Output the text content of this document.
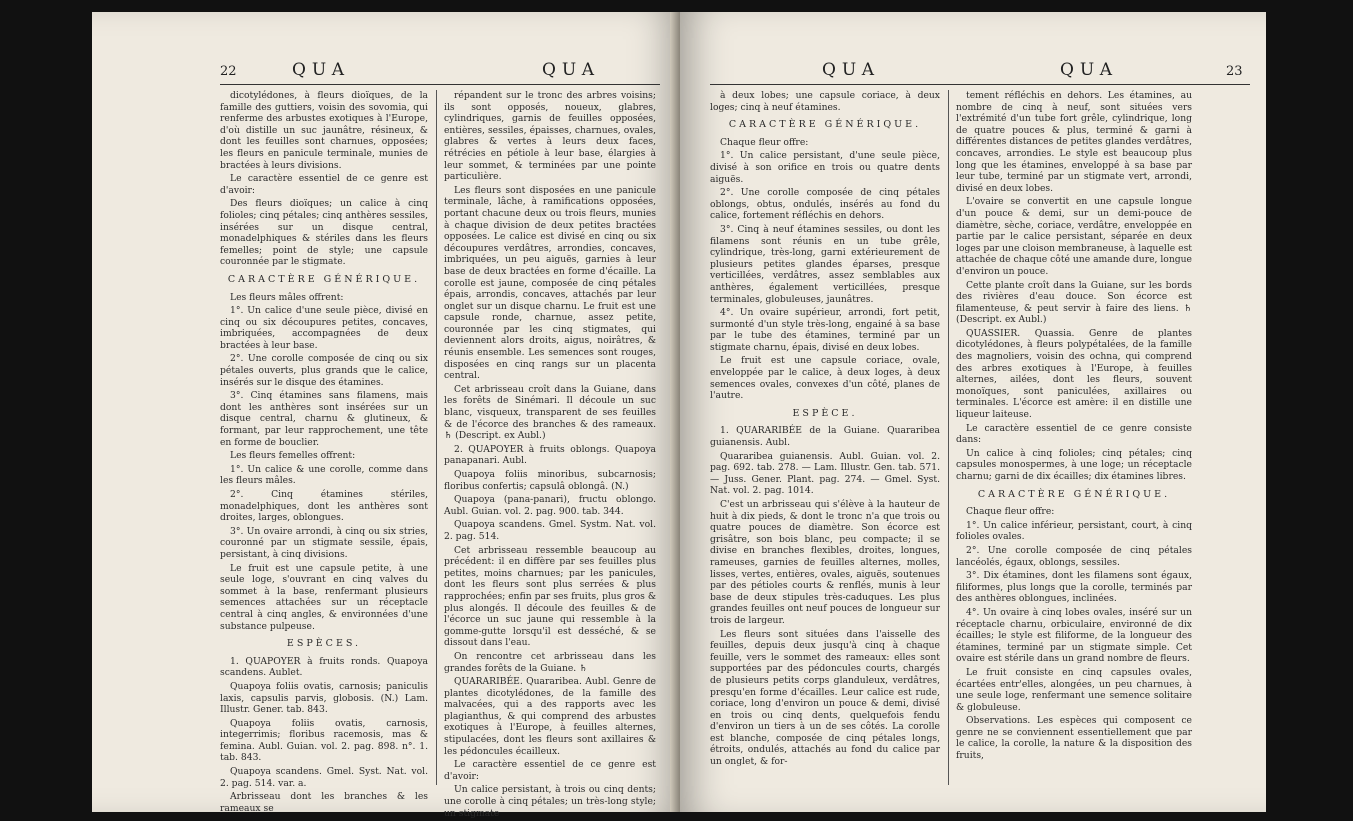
22	QUA	QUA

dicotylédones, à fleurs dioïques, de la famille des guttiers, voisin des sovomia, qui renferme des arbustes exotiques à l'Europe, d'où distille un suc jaunâtre, résineux, & dont les feuilles sont charnues, opposées; les fleurs en panicule terminale, munies de bractées à leurs divisions.

Le caractère essentiel de ce genre est d'avoir:

Des fleurs dioïques; un calice à cinq folioles; cinq pétales; cinq anthères sessiles, insérées sur un disque central, monadelphiques & stériles dans les fleurs femelles; point de style; une capsule couronnée par le stigmate.

CARACTÈRE GÉNÉRIQUE.

Les fleurs mâles offrent:

1°. Un calice d'une seule pièce, divisé en cinq ou six découpures petites, concaves, imbriquées, accompagnées de deux bractées à leur base.

2°. Une corolle composée de cinq ou six pétales ouverts, plus grands que le calice, insérés sur le disque des étamines.

3°. Cinq étamines sans filamens, mais dont les anthères sont insérées sur un disque central, charnu & glutineux, & formant, par leur rapprochement, une tête en forme de bouclier.

Les fleurs femelles offrent:

1°. Un calice & une corolle, comme dans les fleurs mâles.

2°. Cinq étamines stériles, monadelphiques, dont les anthères sont droites, larges, oblongues.

3°. Un ovaire arrondi, à cinq ou six stries, couronné par un stigmate sessile, épais, persistant, à cinq divisions.

Le fruit est une capsule petite, à une seule loge, s'ouvrant en cinq valves du sommet à la base, renfermant plusieurs semences attachées sur un réceptacle central à cinq angles, & environnées d'une substance pulpeuse.

ESPÈCES.

1. QUAPOYER à fruits ronds. Quapoya scandens. Aublet.

Quapoya foliis ovatis, carnosis; paniculis laxis, capsulis parvis, globosis. (N.) Lam. Illustr. Gener. tab. 843.

Quapoya foliis ovatis, carnosis, integerrimis; floribus racemosis, mas & femina. Aubl. Guian. vol. 2. pag. 898. n°. 1. tab. 843.

Quapoya scandens. Gmel. Syst. Nat. vol. 2. pag. 514. var. a.

Arbrisseau dont les branches & les rameaux se

répandent sur le tronc des arbres voisins; ils sont opposés, noueux, glabres, cylindriques, garnis de feuilles opposées, entières, sessiles, épaisses, charnues, ovales, glabres & vertes à leurs deux faces, rétrécies en pétiole à leur base, élargies à leur sommet, & terminées par une pointe particulière.

Les fleurs sont disposées en une panicule terminale, lâche, à ramifications opposées, portant chacune deux ou trois fleurs, munies à chaque division de deux petites bractées opposées. Le calice est divisé en cinq ou six découpures verdâtres, arrondies, concaves, imbriquées, un peu aiguës, garnies à leur base de deux bractées en forme d'écaille. La corolle est jaune, composée de cinq pétales épais, arrondis, concaves, attachés par leur onglet sur un disque charnu. Le fruit est une capsule ronde, charnue, assez petite, couronnée par les cinq stigmates, qui deviennent alors droits, aigus, noirâtres, & réunis ensemble. Les semences sont rouges, disposées en cinq rangs sur un placenta central.

Cet arbrisseau croît dans la Guiane, dans les forêts de Sinémari. Il découle un suc blanc, visqueux, transparent de ses feuilles & de l'écorce des branches & des rameaux. ♄ (Descript. ex Aubl.)

2. QUAPOYER à fruits oblongs. Quapoya panapanari. Aubl.

Quapoya foliis minoribus, subcarnosis; floribus confertis; capsulâ oblongâ. (N.)

Quapoya (pana-panari), fructu oblongo. Aubl. Guian. vol. 2. pag. 900. tab. 344.

Quapoya scandens. Gmel. Systm. Nat. vol. 2. pag. 514.

Cet arbrisseau ressemble beaucoup au précédent: il en diffère par ses feuilles plus petites, moins charnues; par les panicules, dont les fleurs sont plus serrées & plus rapprochées; enfin par ses fruits, plus gros & plus alongés. Il découle des feuilles & de l'écorce un suc jaune qui ressemble à la gomme-gutte lorsqu'il est desséché, & se dissout dans l'eau.

On rencontre cet arbrisseau dans les grandes forêts de la Guiane. ♄

QUARARIBÉE. Quararibea. Aubl. Genre de plantes dicotylédones, de la famille des malvacées, qui a des rapports avec les plagianthus, & qui comprend des arbustes exotiques à l'Europe, à feuilles alternes, stipulacées, dont les fleurs sont axillaires & les pédoncules écailleux.

Le caractère essentiel de ce genre est d'avoir:

Un calice persistant, à trois ou cinq dents; une corolle à cinq pétales; un très-long style; un stigmate

QUA	QUA	23

à deux lobes; une capsule coriace, à deux loges; cinq à neuf étamines.

CARACTÈRE GÉNÉRIQUE.

Chaque fleur offre:

1°. Un calice persistant, d'une seule pièce, divisé à son orifice en trois ou quatre dents aiguës.

2°. Une corolle composée de cinq pétales oblongs, obtus, ondulés, insérés au fond du calice, fortement réfléchis en dehors.

3°. Cinq à neuf étamines sessiles, ou dont les filamens sont réunis en un tube grêle, cylindrique, très-long, garni extérieurement de plusieurs petites glandes éparses, presque verticillées, verdâtres, assez semblables aux anthères, également verticillées, presque terminales, globuleuses, jaunâtres.

4°. Un ovaire supérieur, arrondi, fort petit, surmonté d'un style très-long, engainé à sa base par le tube des étamines, terminé par un stigmate charnu, épais, divisé en deux lobes.

Le fruit est une capsule coriace, ovale, enveloppée par le calice, à deux loges, à deux semences ovales, convexes d'un côté, planes de l'autre.

ESPÈCE.

1. QUARARIBÉE de la Guiane. Quararibea guianensis. Aubl.

Quararibea guianensis. Aubl. Guian. vol. 2. pag. 692. tab. 278. — Lam. Illustr. Gen. tab. 571. — Juss. Gener. Plant. pag. 274. — Gmel. Syst. Nat. vol. 2. pag. 1014.

C'est un arbrisseau qui s'élève à la hauteur de huit à dix pieds, & dont le tronc n'a que trois ou quatre pouces de diamètre. Son écorce est grisâtre, son bois blanc, peu compacte; il se divise en branches flexibles, droites, longues, rameuses, garnies de feuilles alternes, molles, lisses, vertes, entières, ovales, aiguës, soutenues par des pétioles courts & renflés, munis à leur base de deux stipules très-caduques. Les plus grandes feuilles ont neuf pouces de longueur sur trois de largeur.

Les fleurs sont situées dans l'aisselle des feuilles, depuis deux jusqu'à cinq à chaque feuille, vers le sommet des rameaux: elles sont supportées par des pédoncules courts, chargés de plusieurs petits corps glanduleux, verdâtres, presqu'en forme d'écailles. Leur calice est rude, coriace, long d'environ un pouce & demi, divisé en trois ou cinq dents, quelquefois fendu d'environ un tiers à un de ses côtés. La corolle est blanche, composée de cinq pétales longs, étroits, ondulés, attachés au fond du calice par un onglet, & for-

tement réfléchis en dehors. Les étamines, au nombre de cinq à neuf, sont situées vers l'extrémité d'un tube fort grêle, cylindrique, long de quatre pouces & plus, terminé & garni à différentes distances de petites glandes verdâtres, concaves, arrondies. Le style est beaucoup plus long que les étamines, enveloppé à sa base par leur tube, terminé par un stigmate vert, arrondi, divisé en deux lobes.

L'ovaire se convertit en une capsule longue d'un pouce & demi, sur un demi-pouce de diamètre, sèche, coriace, verdâtre, enveloppée en partie par le calice persistant, séparée en deux loges par une cloison membraneuse, à laquelle est attachée de chaque côté une amande dure, longue d'environ un pouce.

Cette plante croît dans la Guiane, sur les bords des rivières d'eau douce. Son écorce est filamenteuse, & peut servir à faire des liens. ♄ (Descript. ex Aubl.)

QUASSIER. Quassia. Genre de plantes dicotylédones, à fleurs polypétalées, de la famille des magnoliers, voisin des ochna, qui comprend des arbres exotiques à l'Europe, à feuilles alternes, ailées, dont les fleurs, souvent monoïques, sont paniculées, axillaires ou terminales. L'écorce est amère: il en distille une liqueur laiteuse.

Le caractère essentiel de ce genre consiste dans:

Un calice à cinq folioles; cinq pétales; cinq capsules monospermes, à une loge; un réceptacle charnu; garni de dix écailles; dix étamines libres.

CARACTÈRE GÉNÉRIQUE.

Chaque fleur offre:

1°. Un calice inférieur, persistant, court, à cinq folioles ovales.

2°. Une corolle composée de cinq pétales lancéolés, égaux, oblongs, sessiles.

3°. Dix étamines, dont les filamens sont égaux, filiformes, plus longs que la corolle, terminés par des anthères oblongues, inclinées.

4°. Un ovaire à cinq lobes ovales, inséré sur un réceptacle charnu, orbiculaire, environné de dix écailles; le style est filiforme, de la longueur des étamines, terminé par un stigmate simple. Cet ovaire est stérile dans un grand nombre de fleurs.

Le fruit consiste en cinq capsules ovales, écartées entr'elles, alongées, un peu charnues, à une seule loge, renfermant une semence solitaire & globuleuse.

Observations. Les espèces qui composent ce genre ne se conviennent essentiellement que par le calice, la corolle, la nature & la disposition des fruits,
